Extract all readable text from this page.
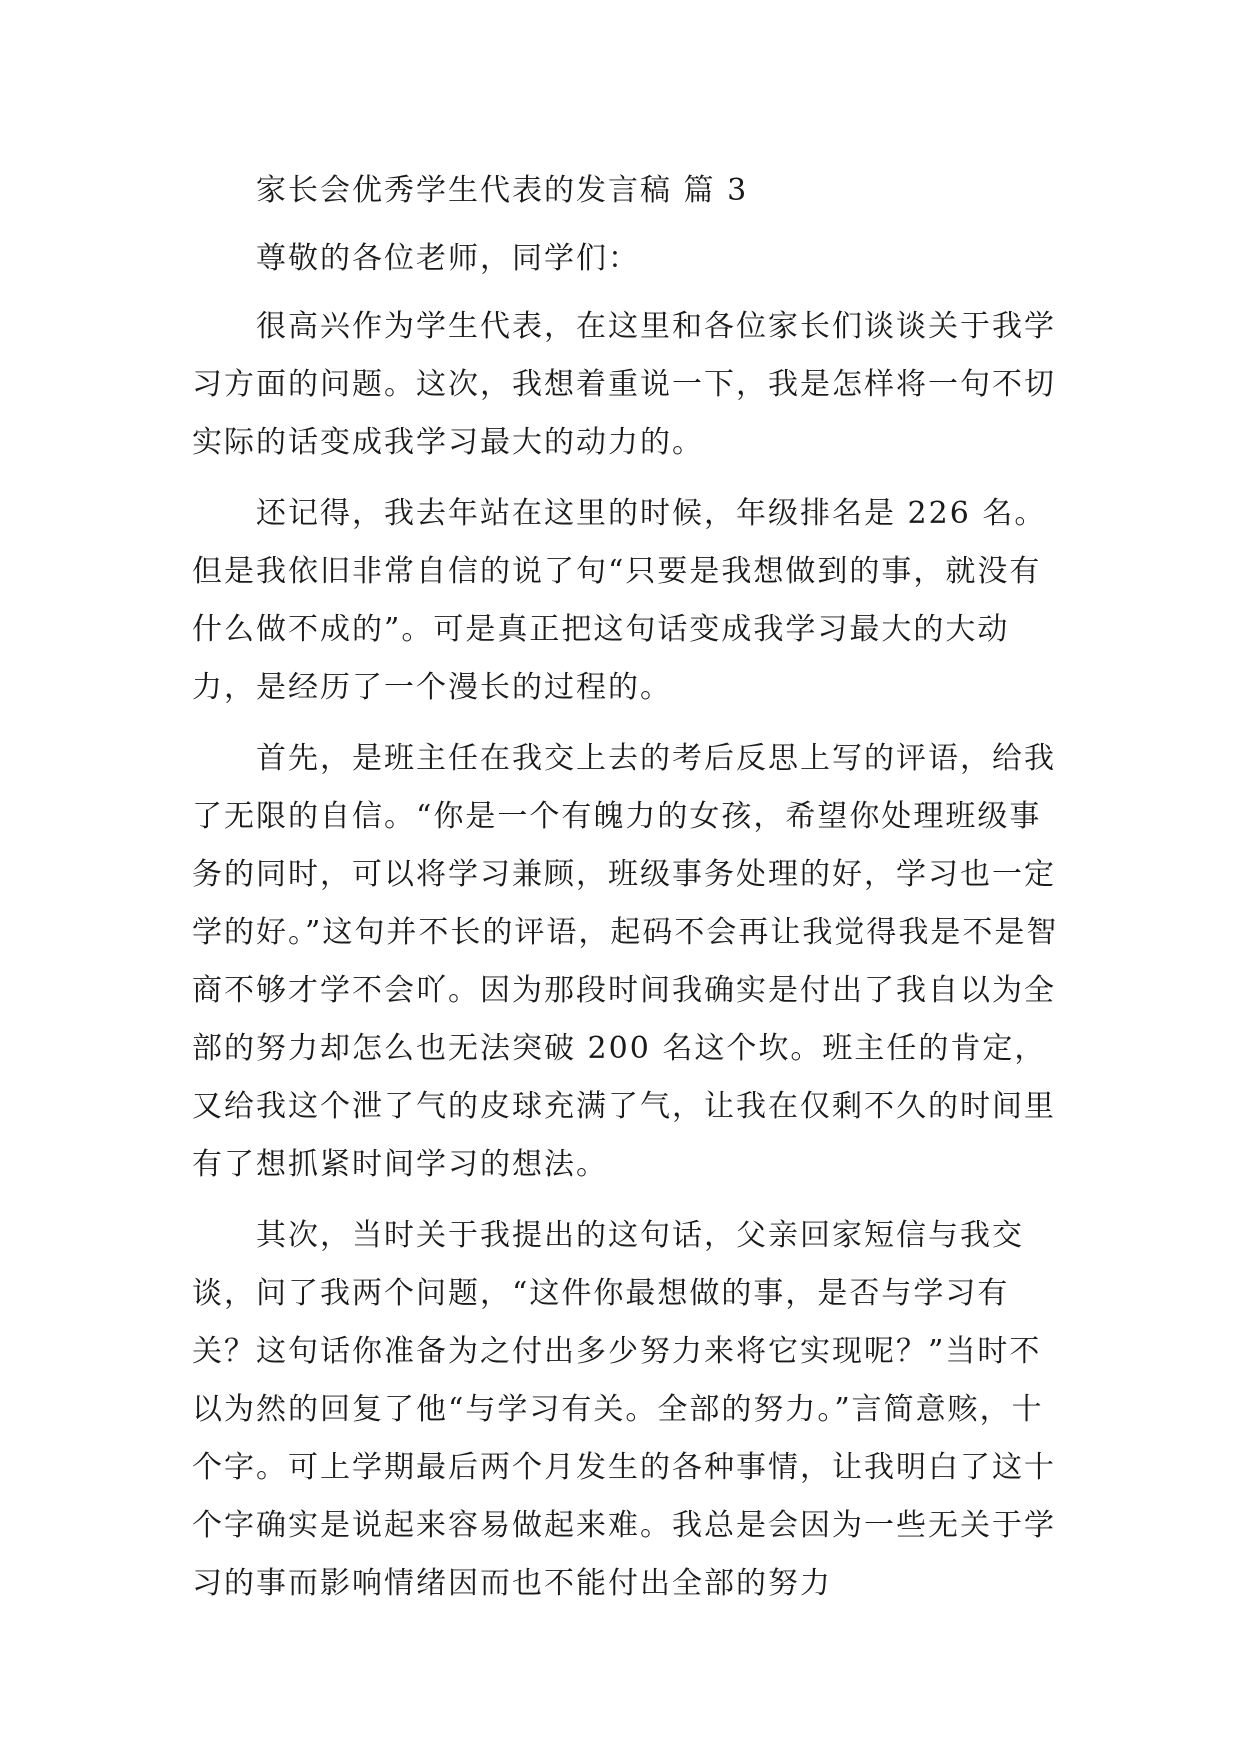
家长会优秀学生代表的发言稿 篇 3

尊敬的各位老师，同学们：

很高兴作为学生代表，在这里和各位家长们谈谈关于我学习方面的问题。这次，我想着重说一下，我是怎样将一句不切实际的话变成我学习最大的动力的。

还记得，我去年站在这里的时候，年级排名是 226 名。但是我依旧非常自信的说了句“只要是我想做到的事，就没有什么做不成的”。可是真正把这句话变成我学习最大的大动力，是经历了一个漫长的过程的。

首先，是班主任在我交上去的考后反思上写的评语，给我了无限的自信。“你是一个有魄力的女孩，希望你处理班级事务的同时，可以将学习兼顾，班级事务处理的好，学习也一定学的好。”这句并不长的评语，起码不会再让我觉得我是不是智商不够才学不会吖。因为那段时间我确实是付出了我自以为全部的努力却怎么也无法突破 200 名这个坎。班主任的肯定，又给我这个泄了气的皮球充满了气，让我在仅剩不久的时间里有了想抓紧时间学习的想法。

其次，当时关于我提出的这句话，父亲回家短信与我交谈，问了我两个问题，“这件你最想做的事，是否与学习有关？这句话你准备为之付出多少努力来将它实现呢？”当时不以为然的回复了他“与学习有关。全部的努力。”言简意赅，十个字。可上学期最后两个月发生的各种事情，让我明白了这十个字确实是说起来容易做起来难。我总是会因为一些无关于学习的事而影响情绪因而也不能付出全部的努力
